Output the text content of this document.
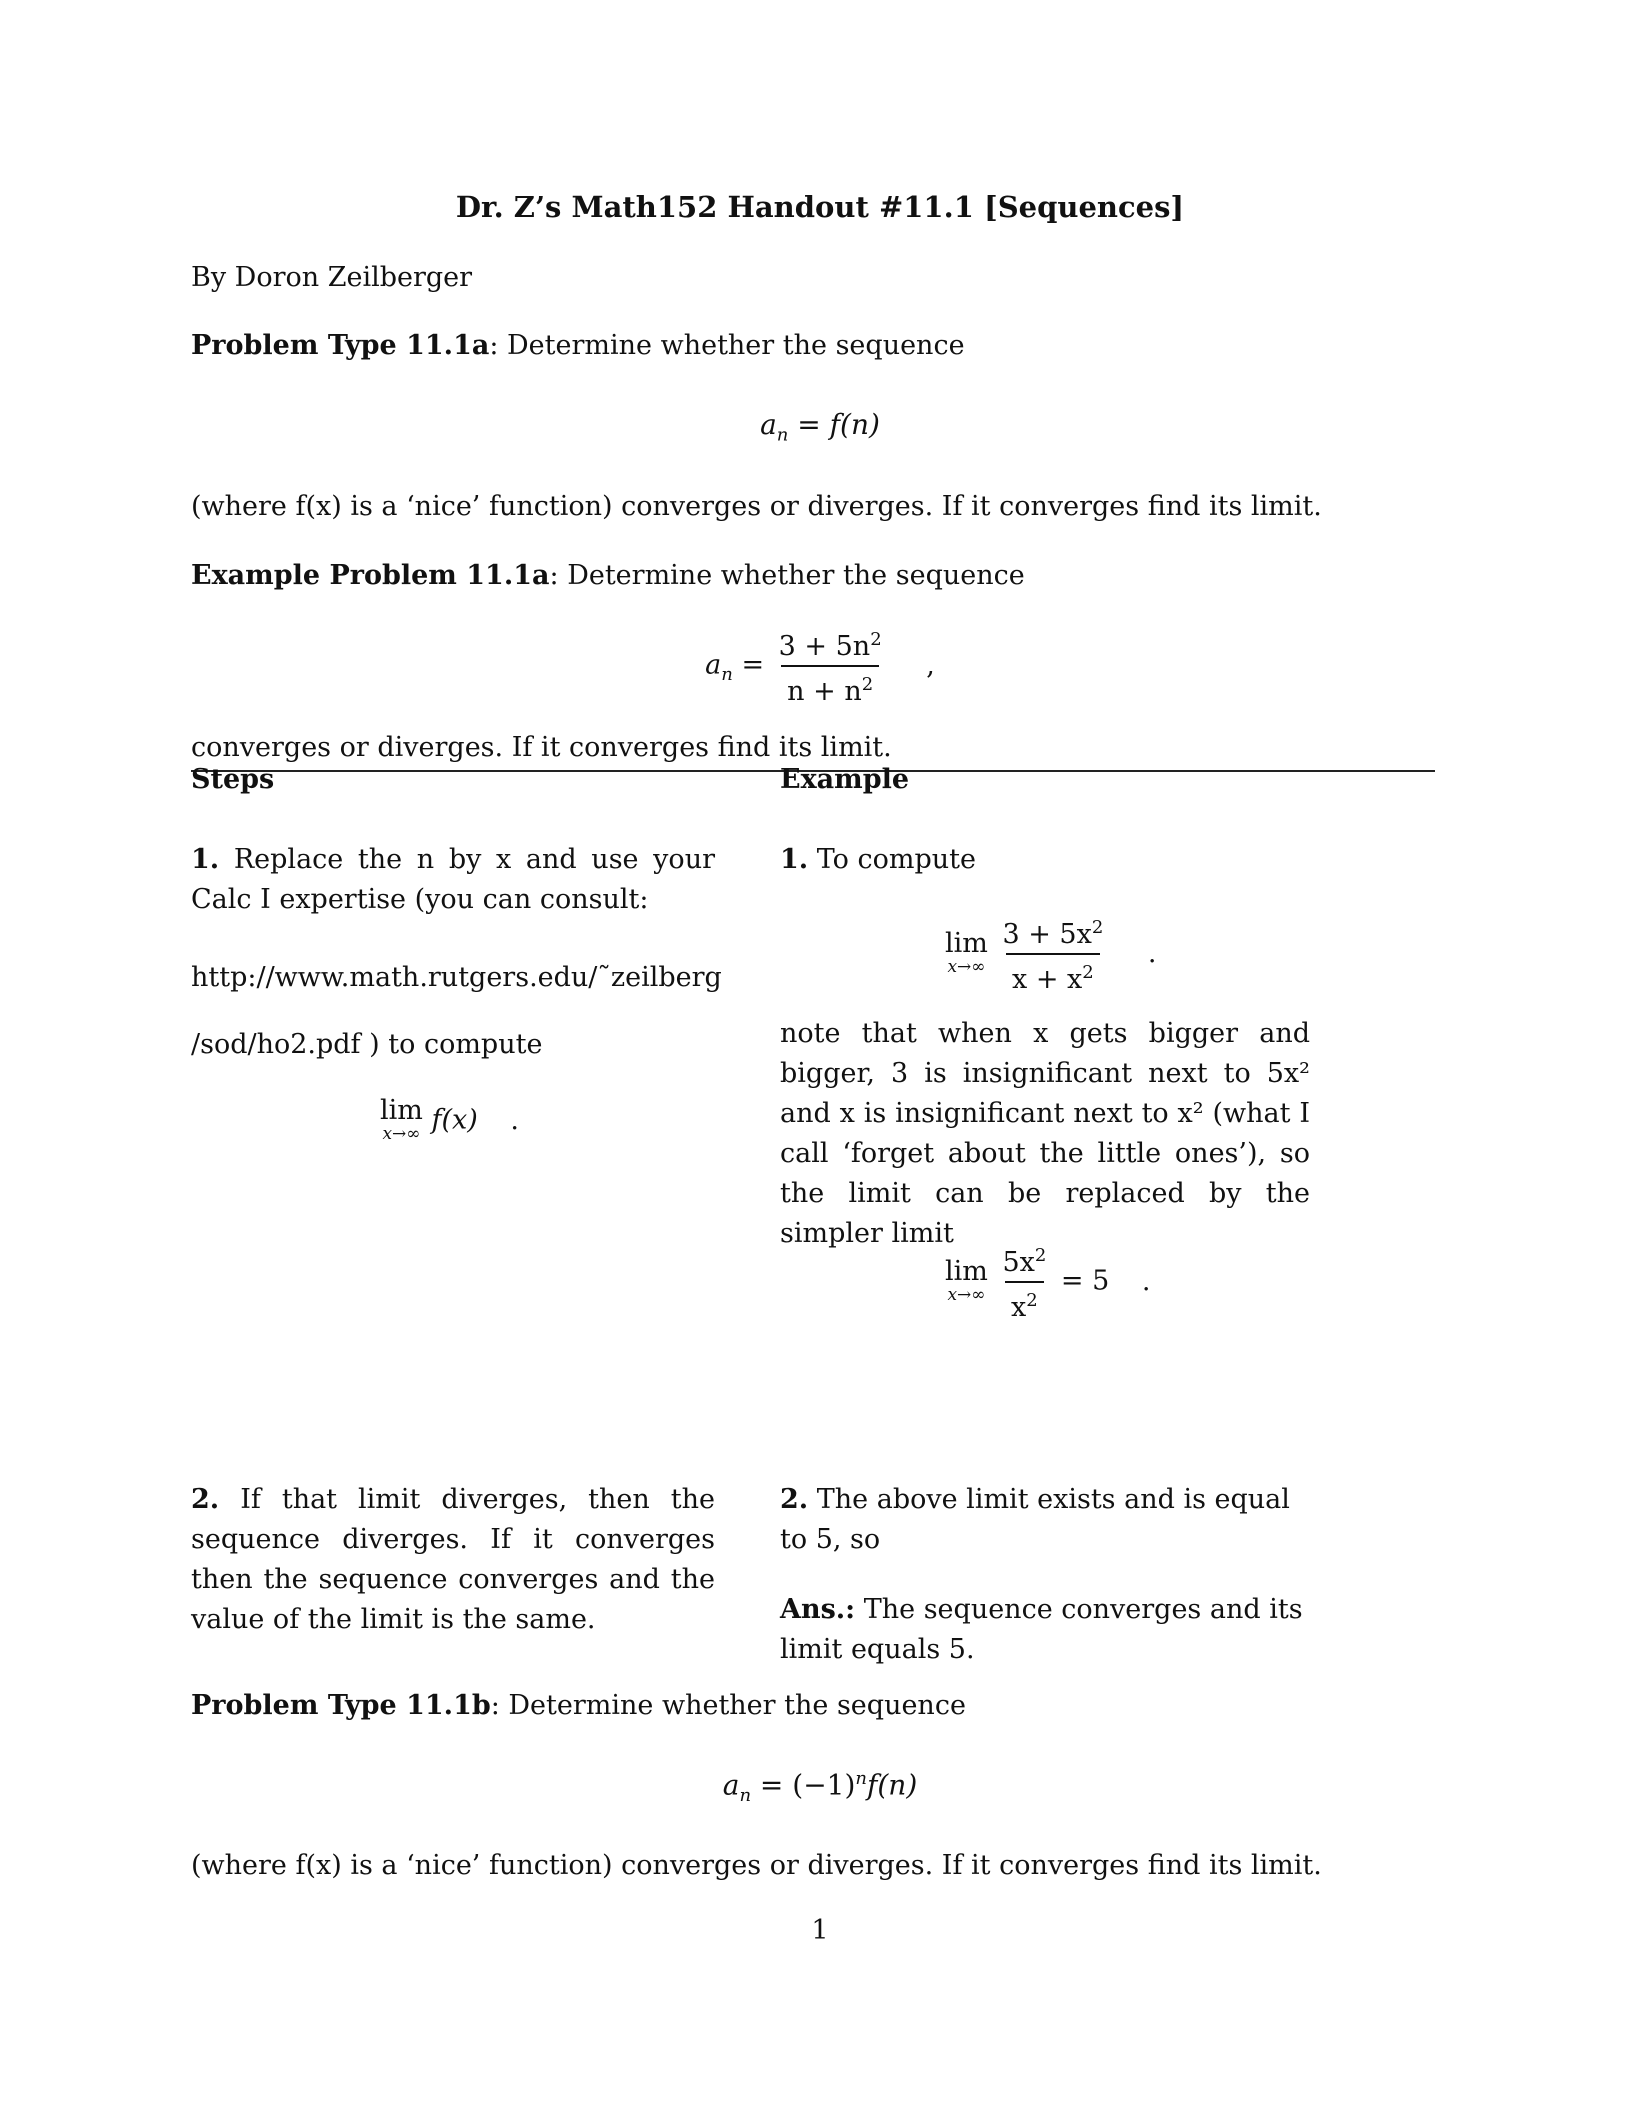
Dr. Z’s Math152 Handout #11.1 [Sequences]
By Doron Zeilberger
Problem Type 11.1a: Determine whether the sequence
$a_n = f(n)$
(where f(x) is a ‘nice’ function) converges or diverges. If it converges find its limit.
Example Problem 11.1a: Determine whether the sequence
$a_n = \frac{3 + 5n^2}{n + n^2}$ ,
converges or diverges. If it converges find its limit.
Steps	Example
1. Replace the n by x and use your Calc I expertise (you can consult:
http://www.math.rutgers.edu/˜zeilberg
/sod/ho2.pdf ) to compute
lim
x→∞ f(x) .
1. To compute
lim
x→∞
$\frac{3 + 5x^2}{x + x^2}$ .
note that when x gets bigger and bigger, 3 is insignificant next to 5x² and x is insignificant next to x² (what I call ‘forget about the little ones’), so the limit can be replaced by the simpler limit
lim
x→∞
$\frac{5x^2}{x^2} = 5$ .
2. If that limit diverges, then the sequence diverges. If it converges then the sequence converges and the value of the limit is the same.
2. The above limit exists and is equal to 5, so
Ans.: The sequence converges and its limit equals 5.
Problem Type 11.1b: Determine whether the sequence
$a_n = (-1)^nf(n)$
(where f(x) is a ‘nice’ function) converges or diverges. If it converges find its limit.
1
